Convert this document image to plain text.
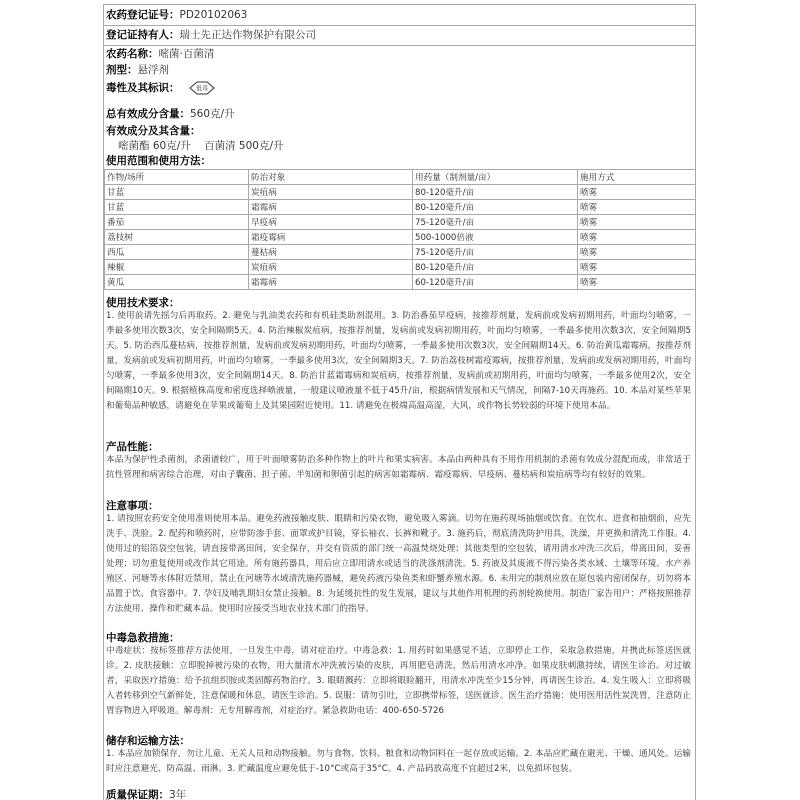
农药登记证号：PD20102063
登记证持有人：瑞士先正达作物保护有限公司
农药名称：嘧菌·百菌清
剂型：悬浮剂
毒性及其标识：	低毒
总有效成分含量：560克/升
有效成分及其含量：
嘧菌酯 60克/升    百菌清 500克/升
使用范围和使用方法：
作物/场所	防治对象	用药量（制剂量/亩）	施用方式
甘蓝	炭疽病	80-120毫升/亩	喷雾
甘蓝	霜霉病	80-120毫升/亩	喷雾
番茄	早疫病	75-120毫升/亩	喷雾
荔枝树	霜疫霉病	500-1000倍液	喷雾
西瓜	蔓枯病	75-120毫升/亩	喷雾
辣椒	炭疽病	80-120毫升/亩	喷雾
黄瓜	霜霉病	60-120毫升/亩	喷雾
使用技术要求：
1. 使用前请先摇匀后再取药。2. 避免与乳油类农药和有机硅类助剂混用。3. 防治番茄早疫病，按推荐剂量，发病前或发病初期用药，叶面均匀喷雾，一季最多使用次数3次，安全间隔期5天。4. 防治辣椒炭疽病，按推荐剂量，发病前或发病初期用药，叶面均匀喷雾，一季最多使用次数3次，安全间隔期5天。5. 防治西瓜蔓枯病，按推荐剂量，发病前或发病初期用药，叶面均匀喷雾，一季最多使用次数3次，安全间隔期14天。6. 防治黄瓜霜霉病，按推荐剂量，发病前或发病初期用药，叶面均匀喷雾，一季最多使用3次，安全间隔期3天。7. 防治荔枝树霜疫霉病，按推荐剂量，发病前或发病初期用药，叶面均匀喷雾，一季最多使用3次，安全间隔期14天。8. 防治甘蓝霜霉病和炭疽病，按推荐剂量，发病前或初期用药，叶面均匀喷雾，一季最多使用2次，安全间隔期10天。9. 根据植株高度和密度选择喷液量，一般建议喷液量不低于45升/亩，根据病情发展和天气情况，间隔7-10天再施药。10. 本品对某些苹果和葡萄品种敏感，请避免在苹果或葡萄上及其果园附近使用。11. 请避免在极端高温高湿，大风，或作物长势较弱的环境下使用本品。
产品性能：
本品为保护性杀菌剂，杀菌谱较广，用于叶面喷雾防治多种作物上的叶片和果实病害。本品由两种具有不用作用机制的杀菌有效成分混配而成，非常适于抗性管理和病害综合治理，对由子囊菌、担子菌、半知菌和卵菌引起的病害如霜霉病、霜疫霉病、早疫病、蔓枯病和炭疽病等均有较好的效果。
注意事项：
1. 请按照农药安全使用准则使用本品。避免药液接触皮肤、眼睛和污染衣物，避免吸入雾滴。切勿在施药现场抽烟或饮食。在饮水、进食和抽烟前，应先洗手、洗脸。2. 配药和喷药时，应带防渗手套、面罩或护目镜，穿长袖衣、长裤和靴子。3. 施药后，彻底清洗防护用具，洗澡，并更换和清洗工作服。4. 使用过的铝箔袋空包装，请直接带离田间，安全保存，并交有资质的部门统一高温焚烧处理；其他类型的空包装，请用清水冲洗三次后，带离田间，妥善处理；切勿重复使用或改作其它用途。所有施药器具，用后应立即用清水或适当的洗涤剂清洗。5. 药液及其废液不得污染各类水域、土壤等环境。水产养殖区、河塘等水体附近禁用，禁止在河塘等水域清洗施药器械，避免药液污染鱼类和虾蟹养殖水源。6. 未用完的制剂应放在原包装内密闭保存，切勿将本品置于饮、食容器中。7. 孕妇及哺乳期妇女禁止接触。8. 为延缓抗性的发生发展，建议与其他作用机理的药剂轮换使用。制造厂家告用户：严格按照推荐方法使用、操作和贮藏本品。使用时应接受当地农业技术部门的指导。
中毒急救措施：
中毒症状：按标签推荐方法使用，一旦发生中毒，请对症治疗。中毒急救：1. 用药时如果感觉不适，立即停止工作，采取急救措施，并携此标签送医就诊。2. 皮肤接触：立即脱掉被污染的衣物，用大量清水冲洗被污染的皮肤，再用肥皂清洗，然后用清水冲净。如果皮肤刺激持续，请医生诊治。对过敏者，采取医疗措施：给予抗组织胺或类固醇药物治疗。3. 眼睛溅药：立即将眼睑翻开，用清水冲洗至少15分钟，再请医生诊治。4. 发生吸入：立即将吸入者转移到空气新鲜处，注意保暖和休息，请医生诊治。5. 误服：请勿引吐，立即携带标签，送医就诊。医生治疗措施：使用医用活性炭洗胃，注意防止胃容物进入呼吸道。解毒剂：无专用解毒剂，对症治疗。紧急救助电话：400-650-5726
储存和运输方法：
1. 本品应加锁保存，勿让儿童、无关人员和动物接触。勿与食物、饮料、粮食和动物饲料在一起存放或运输。2. 本品应贮藏在避光、干燥、通风处。运输时应注意避光、防高温、雨淋。3. 贮藏温度应避免低于-10°C或高于35°C。4. 产品码放高度不宜超过2米，以免损坏包装。
质量保证期：3年
